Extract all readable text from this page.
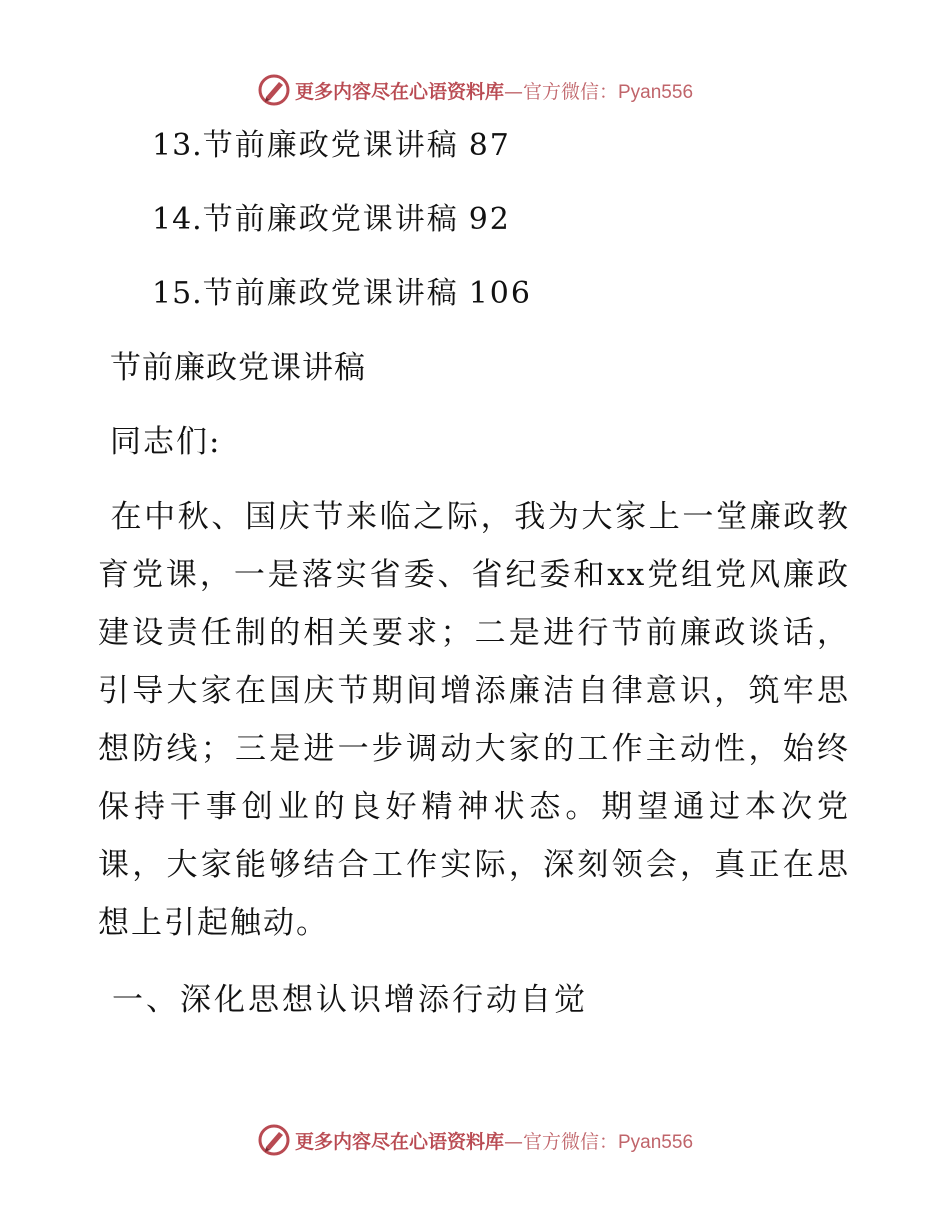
更多内容尽在心语资料库—官方微信：Pyan556
13.节前廉政党课讲稿 87
14.节前廉政党课讲稿 92
15.节前廉政党课讲稿 106
节前廉政党课讲稿
同志们:
在中秋、国庆节来临之际，我为大家上一堂廉政教育党课，一是落实省委、省纪委和xx党组党风廉政建设责任制的相关要求；二是进行节前廉政谈话，引导大家在国庆节期间增添廉洁自律意识，筑牢思想防线；三是进一步调动大家的工作主动性，始终保持干事创业的良好精神状态。期望通过本次党课，大家能够结合工作实际，深刻领会，真正在思想上引起触动。
一、深化思想认识增添行动自觉
更多内容尽在心语资料库—官方微信：Pyan556
